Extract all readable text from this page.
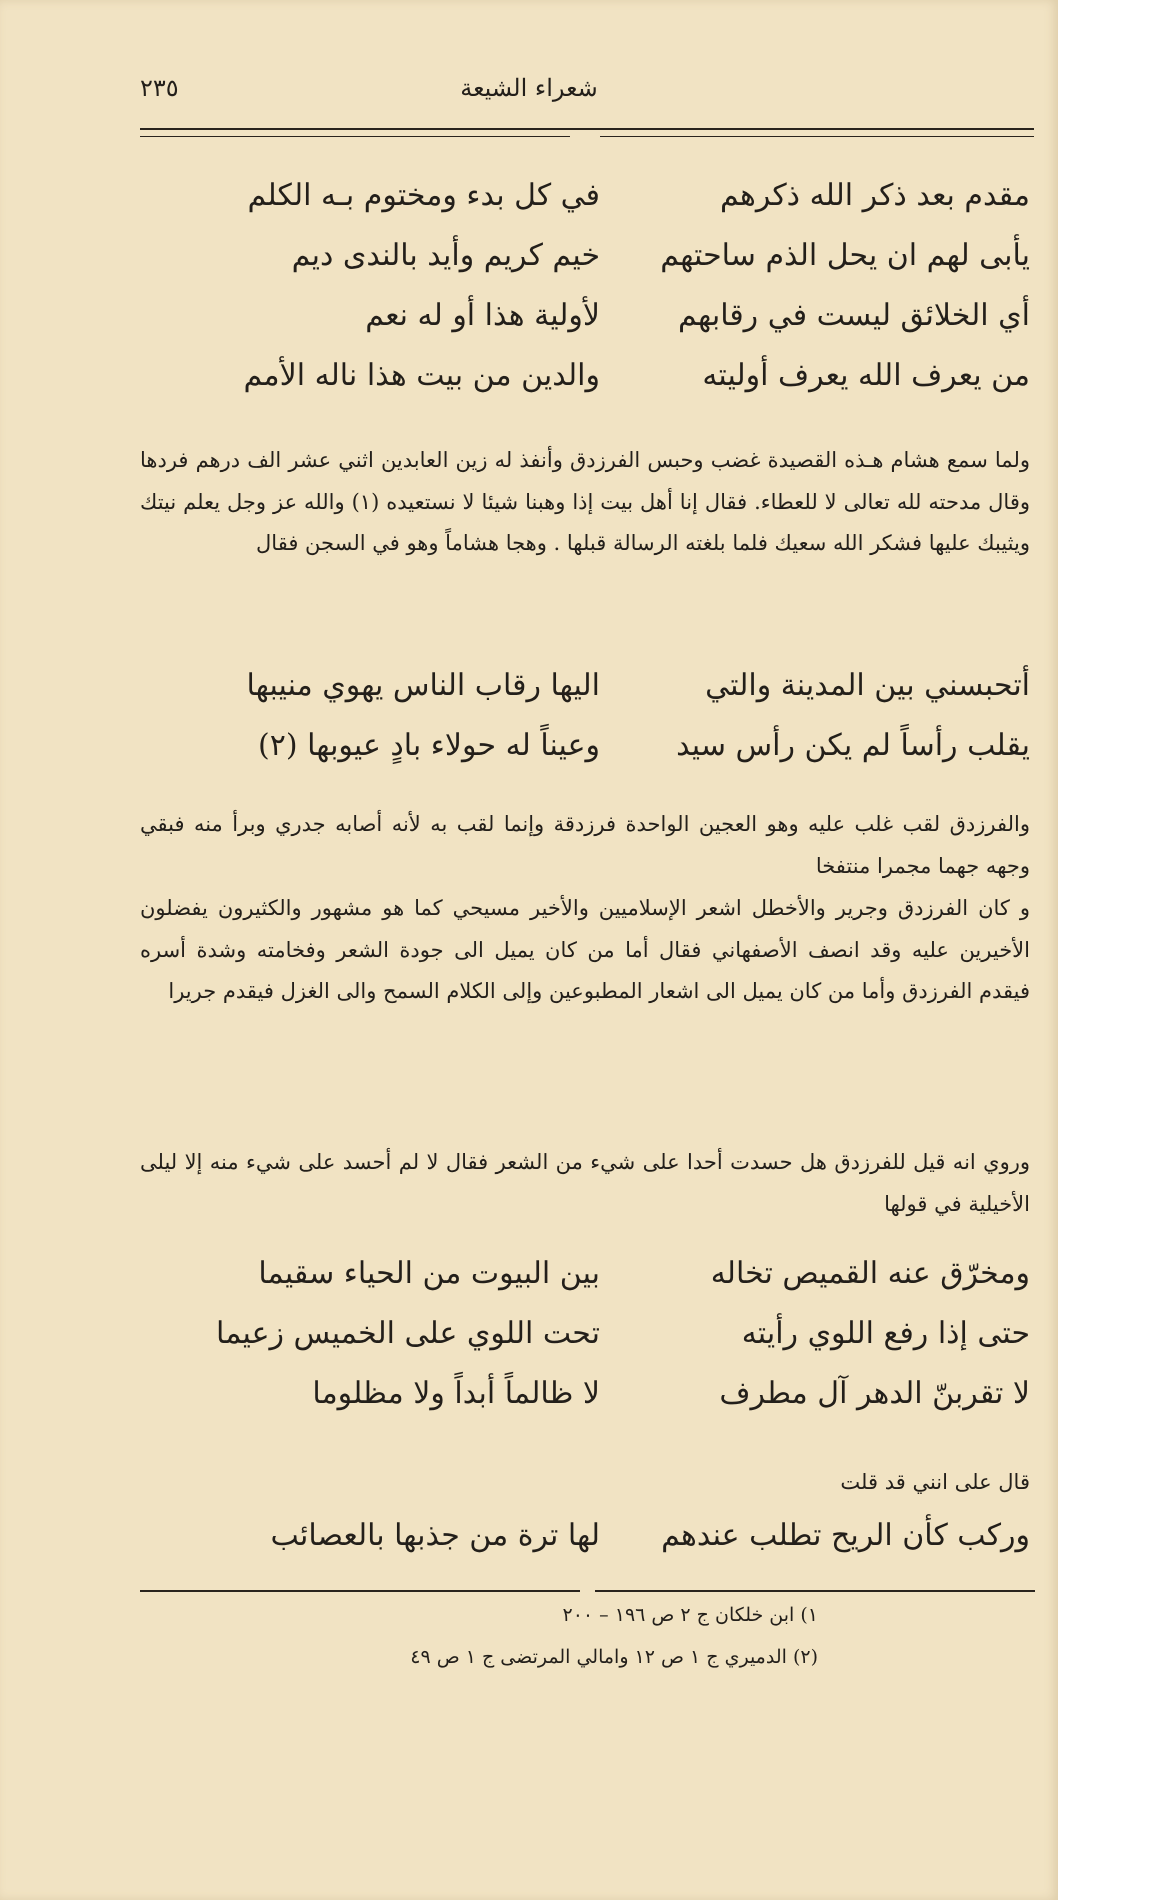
شعراء الشيعة
٢٣٥
مقدم بعد ذكر الله ذكرهم
في كل بدء ومختوم بـه الكلم
يأبى لهم ان يحل الذم ساحتهم
خيم كريم وأيد بالندى ديم
أي الخلائق ليست في رقابهم
لأولية هذا أو له نعم
من يعرف الله يعرف أوليته
والدين من بيت هذا ناله الأمم
ولما سمع هشام هـذه القصيدة غضب وحبس الفرزدق وأنفذ له زين العابدين اثني عشر الف درهم فردها وقال مدحته لله تعالى لا للعطاء. فقال إنا أهل بيت إذا وهبنا شيئا لا نستعيده (١) والله عز وجل يعلم نيتك ويثيبك عليها فشكر الله سعيك فلما بلغته الرسالة قبلها . وهجا هشاماً وهو في السجن فقال
أتحبسني بين المدينة والتي
اليها رقاب الناس يهوي منيبها
يقلب رأساً لم يكن رأس سيد
وعيناً له حولاء بادٍ عيوبها (٢)
والفرزدق لقب غلب عليه وهو العجين الواحدة فرزدقة وإنما لقب به لأنه أصابه جدري وبرأ منه فبقي وجهه جهما مجمرا منتفخا
و كان الفرزدق وجرير والأخطل اشعر الإسلاميين والأخير مسيحي كما هو مشهور والكثيرون يفضلون الأخيرين عليه وقد انصف الأصفهاني فقال أما من كان يميل الى جودة الشعر وفخامته وشدة أسره فيقدم الفرزدق وأما من كان يميل الى اشعار المطبوعين وإلى الكلام السمح والى الغزل فيقدم جريرا
وروي انه قيل للفرزدق هل حسدت أحدا على شيء من الشعر فقال لا لم أحسد على شيء منه إلا ليلى الأخيلية في قولها
ومخرّق عنه القميص تخاله
بين البيوت من الحياء سقيما
حتى إذا رفع اللوي رأيته
تحت اللوي على الخميس زعيما
لا تقربنّ الدهر آل مطرف
لا ظالماً أبداً ولا مظلوما
قال على انني قد قلت
وركب كأن الريح تطلب عندهم
لها ترة من جذبها بالعصائب
١) ابن خلكان ج ٢ ص ١٩٦ – ٢٠٠
(٢) الدميري ج ١ ص ١٢ وامالي المرتضى ج ١ ص ٤٩
